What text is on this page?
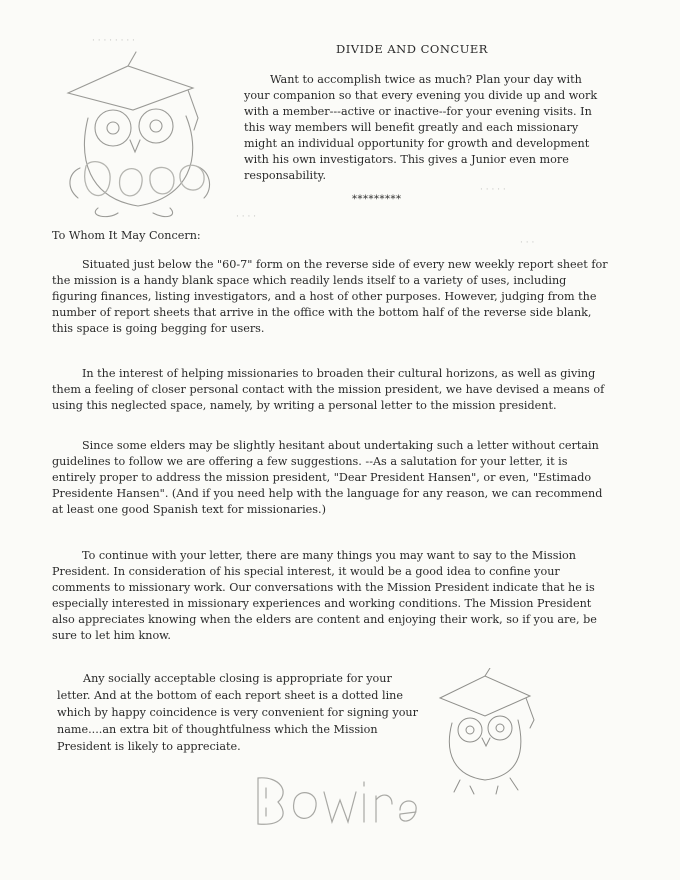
DIVIDE AND CONCUER

Want to accomplish twice as much? Plan your day with your companion so that every evening you divide up and work with a member---active or inactive--for your evening visits. In this way members will benefit greatly and each missionary might an individual opportunity for growth and development with his own investigators. This gives a Junior even more responsability.

*********
To Whom It May Concern:

Situated just below the "60-7" form on the reverse side of every new weekly report sheet for the mission is a handy blank space which readily lends itself to a variety of uses, including figuring finances, listing investigators, and a host of other purposes. However, judging from the number of report sheets that arrive in the office with the bottom half of the reverse side blank, this space is going begging for users.

In the interest of helping missionaries to broaden their cultural horizons, as well as giving them a feeling of closer personal contact with the mission president, we have devised a means of using this neglected space, namely, by writing a personal letter to the mission president.

Since some elders may be slightly hesitant about undertaking such a letter without certain guidelines to follow we are offering a few suggestions. --As a salutation for your letter, it is entirely proper to address the mission president, "Dear President Hansen", or even, "Estimado Presidente Hansen". (And if you need help with the language for any reason, we can recommend at least one good Spanish text for missionaries.)

To continue with your letter, there are many things you may want to say to the Mission President. In consideration of his special interest, it would be a good idea to confine your comments to missionary work. Our conversations with the Mission President indicate that he is especially interested in missionary experiences and working conditions. The Mission President also appreciates knowing when the elders are content and enjoying their work, so if you are, be sure to let him know.

Any socially acceptable closing is appropriate for your letter. And at the bottom of each report sheet is a dotted line which by happy coincidence is very convenient for signing your name....an extra bit of thoughtfulness which the Mission President is likely to appreciate.

· · · · · · · ·
· · · · ·
· · · ·
· · ·
